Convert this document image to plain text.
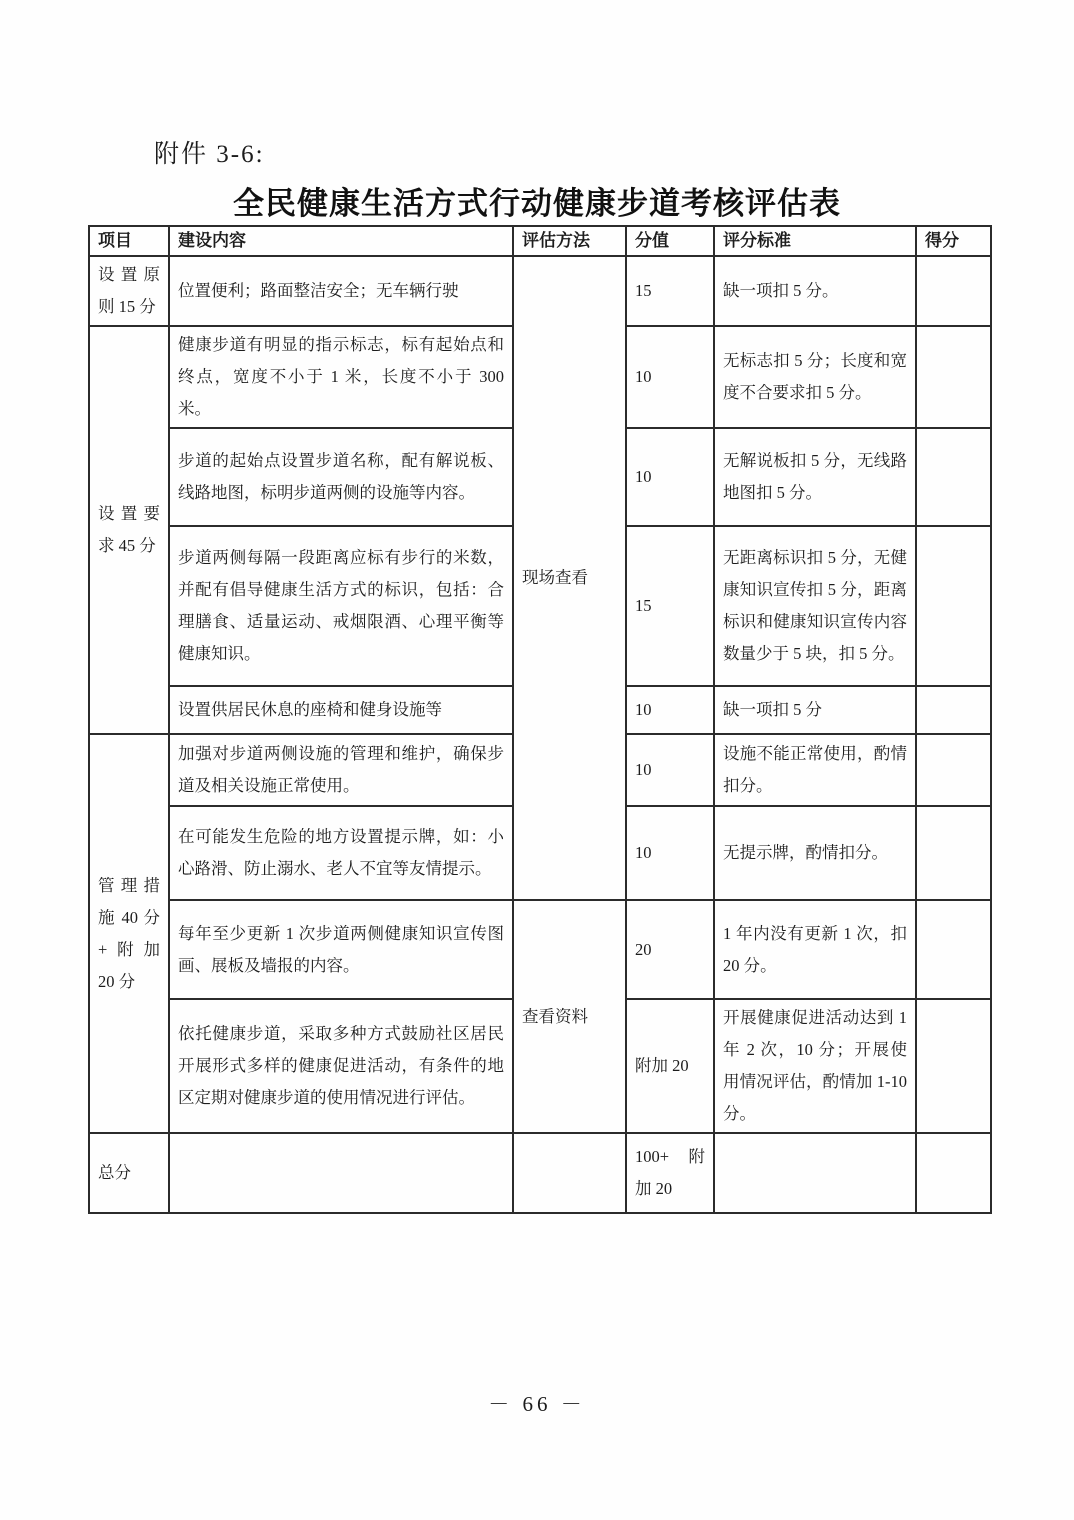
附件 3-6:
全民健康生活方式行动健康步道考核评估表
项目	建设内容	评估方法	分值	评分标准	得分
设置原则 15 分	位置便利；路面整洁安全；无车辆行驶	现场查看	15	缺一项扣 5 分。	
设置要求 45 分	健康步道有明显的指示标志，标有起始点和终点，宽度不小于 1 米，长度不小于 300 米。		10	无标志扣 5 分；长度和宽度不合要求扣 5 分。	
	步道的起始点设置步道名称，配有解说板、线路地图，标明步道两侧的设施等内容。		10	无解说板扣 5 分，无线路地图扣 5 分。	
	步道两侧每隔一段距离应标有步行的米数，并配有倡导健康生活方式的标识，包括：合理膳食、适量运动、戒烟限酒、心理平衡等健康知识。		15	无距离标识扣 5 分，无健康知识宣传扣 5 分，距离标识和健康知识宣传内容数量少于 5 块，扣 5 分。	
	设置供居民休息的座椅和健身设施等		10	缺一项扣 5 分	
管理措施 40 分+附加 20 分	加强对步道两侧设施的管理和维护，确保步道及相关设施正常使用。		10	设施不能正常使用，酌情扣分。	
	在可能发生危险的地方设置提示牌，如：小心路滑、防止溺水、老人不宜等友情提示。		10	无提示牌，酌情扣分。	
	每年至少更新 1 次步道两侧健康知识宣传图画、展板及墙报的内容。	查看资料	20	1 年内没有更新 1 次，扣 20 分。	
	依托健康步道，采取多种方式鼓励社区居民开展形式多样的健康促进活动，有条件的地区定期对健康步道的使用情况进行评估。		附加 20	开展健康促进活动达到 1 年 2 次，10 分；开展使用情况评估，酌情加 1-10 分。	
总分			100+ 附加 20		
－ 66 －
